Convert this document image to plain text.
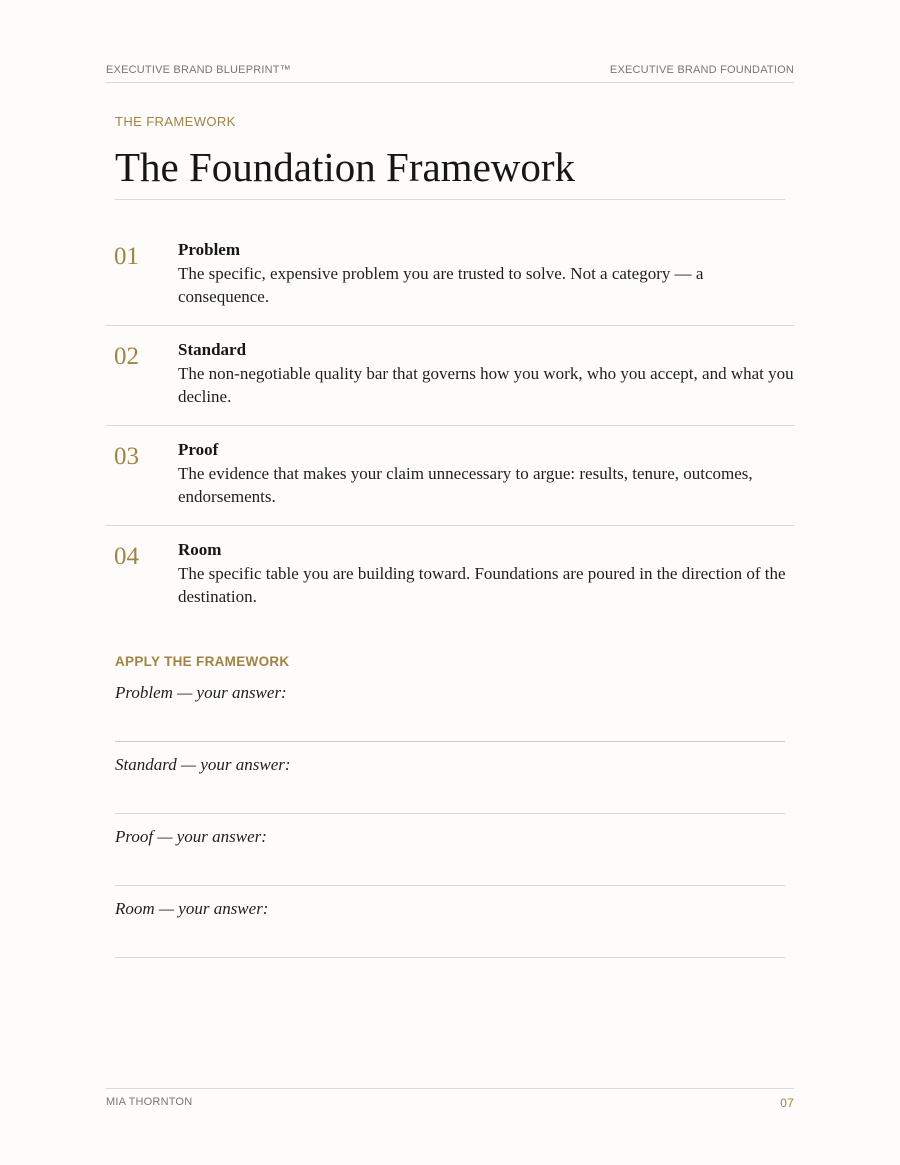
EXECUTIVE BRAND BLUEPRINT™	EXECUTIVE BRAND FOUNDATION
THE FRAMEWORK
The Foundation Framework
01 Problem
The specific, expensive problem you are trusted to solve. Not a category — a consequence.
02 Standard
The non-negotiable quality bar that governs how you work, who you accept, and what you decline.
03 Proof
The evidence that makes your claim unnecessary to argue: results, tenure, outcomes, endorsements.
04 Room
The specific table you are building toward. Foundations are poured in the direction of the destination.
APPLY THE FRAMEWORK
Problem — your answer:
Standard — your answer:
Proof — your answer:
Room — your answer:
MIA THORNTON	07
